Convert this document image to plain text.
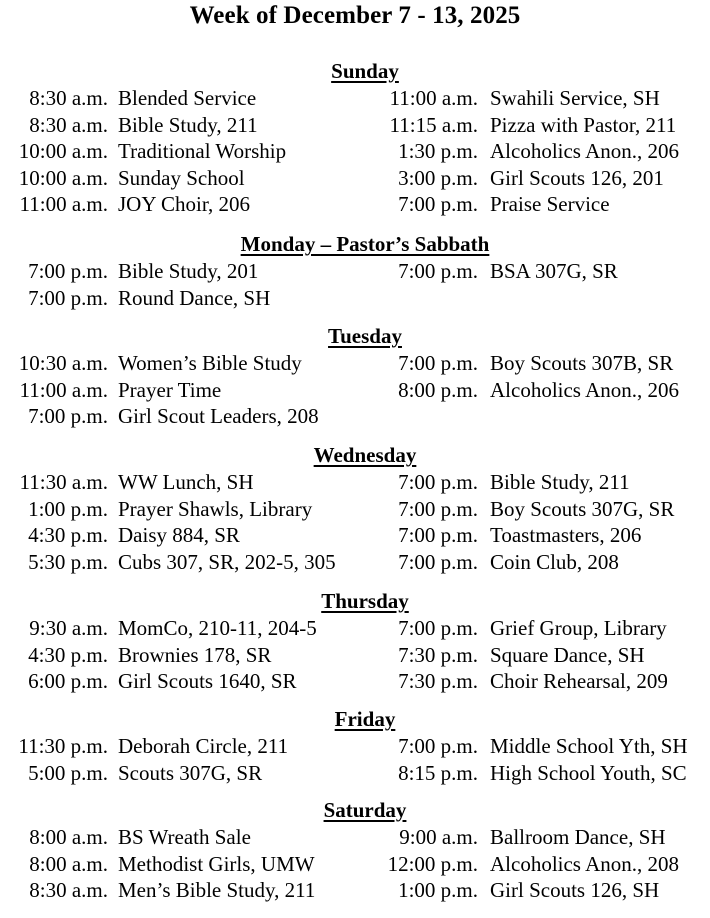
Week of December 7 - 13, 2025
Sunday
8:30 a.m. Blended Service	11:00 a.m. Swahili Service, SH
8:30 a.m. Bible Study, 211	11:15 a.m. Pizza with Pastor, 211
10:00 a.m. Traditional Worship	1:30 p.m. Alcoholics Anon., 206
10:00 a.m. Sunday School	3:00 p.m. Girl Scouts 126, 201
11:00 a.m. JOY Choir, 206	7:00 p.m. Praise Service
Monday – Pastor’s Sabbath
7:00 p.m. Bible Study, 201	7:00 p.m. BSA 307G, SR
7:00 p.m. Round Dance, SH
Tuesday
10:30 a.m. Women’s Bible Study	7:00 p.m. Boy Scouts 307B, SR
11:00 a.m. Prayer Time	8:00 p.m. Alcoholics Anon., 206
7:00 p.m. Girl Scout Leaders, 208
Wednesday
11:30 a.m. WW Lunch, SH	7:00 p.m. Bible Study, 211
1:00 p.m. Prayer Shawls, Library	7:00 p.m. Boy Scouts 307G, SR
4:30 p.m. Daisy 884, SR	7:00 p.m. Toastmasters, 206
5:30 p.m. Cubs 307, SR, 202-5, 305	7:00 p.m. Coin Club, 208
Thursday
9:30 a.m. MomCo, 210-11, 204-5	7:00 p.m. Grief Group, Library
4:30 p.m. Brownies 178, SR	7:30 p.m. Square Dance, SH
6:00 p.m. Girl Scouts 1640, SR	7:30 p.m. Choir Rehearsal, 209
Friday
11:30 p.m. Deborah Circle, 211	7:00 p.m. Middle School Yth, SH
5:00 p.m. Scouts 307G, SR	8:15 p.m. High School Youth, SC
Saturday
8:00 a.m. BS Wreath Sale	9:00 a.m. Ballroom Dance, SH
8:00 a.m. Methodist Girls, UMW	12:00 p.m. Alcoholics Anon., 208
8:30 a.m. Men’s Bible Study, 211	1:00 p.m. Girl Scouts 126, SH
